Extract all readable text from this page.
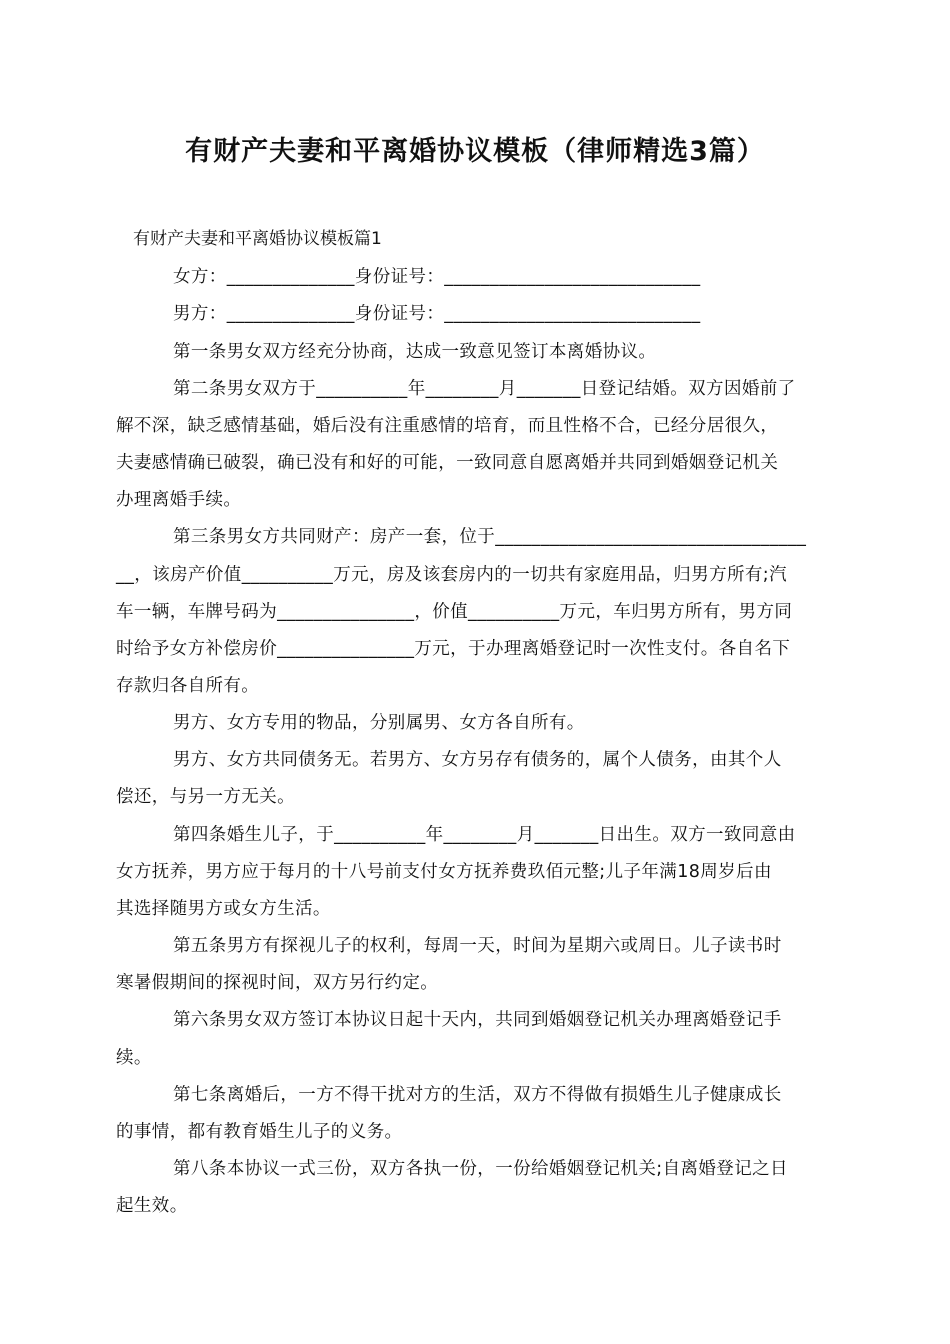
有财产夫妻和平离婚协议模板（律师精选3篇）
有财产夫妻和平离婚协议模板篇1
女方：______________身份证号：____________________________
男方：______________身份证号：____________________________
第一条男女双方经充分协商，达成一致意见签订本离婚协议。
第二条男女双方于__________年________月_______日登记结婚。双方因婚前了
解不深，缺乏感情基础，婚后没有注重感情的培育，而且性格不合，已经分居很久，
夫妻感情确已破裂，确已没有和好的可能，一致同意自愿离婚并共同到婚姻登记机关
办理离婚手续。
第三条男女方共同财产：房产一套，位于__________________________________
__，该房产价值__________万元，房及该套房内的一切共有家庭用品，归男方所有;汽
车一辆，车牌号码为_______________，价值__________万元，车归男方所有，男方同
时给予女方补偿房价_______________万元，于办理离婚登记时一次性支付。各自名下
存款归各自所有。
男方、女方专用的物品，分别属男、女方各自所有。
男方、女方共同债务无。若男方、女方另存有债务的，属个人债务，由其个人
偿还，与另一方无关。
第四条婚生儿子，于__________年________月_______日出生。双方一致同意由
女方抚养，男方应于每月的十八号前支付女方抚养费玖佰元整;儿子年满18周岁后由
其选择随男方或女方生活。
第五条男方有探视儿子的权利，每周一天，时间为星期六或周日。儿子读书时
寒暑假期间的探视时间，双方另行约定。
第六条男女双方签订本协议日起十天内，共同到婚姻登记机关办理离婚登记手
续。
第七条离婚后，一方不得干扰对方的生活，双方不得做有损婚生儿子健康成长
的事情，都有教育婚生儿子的义务。
第八条本协议一式三份，双方各执一份，一份给婚姻登记机关;自离婚登记之日
起生效。
